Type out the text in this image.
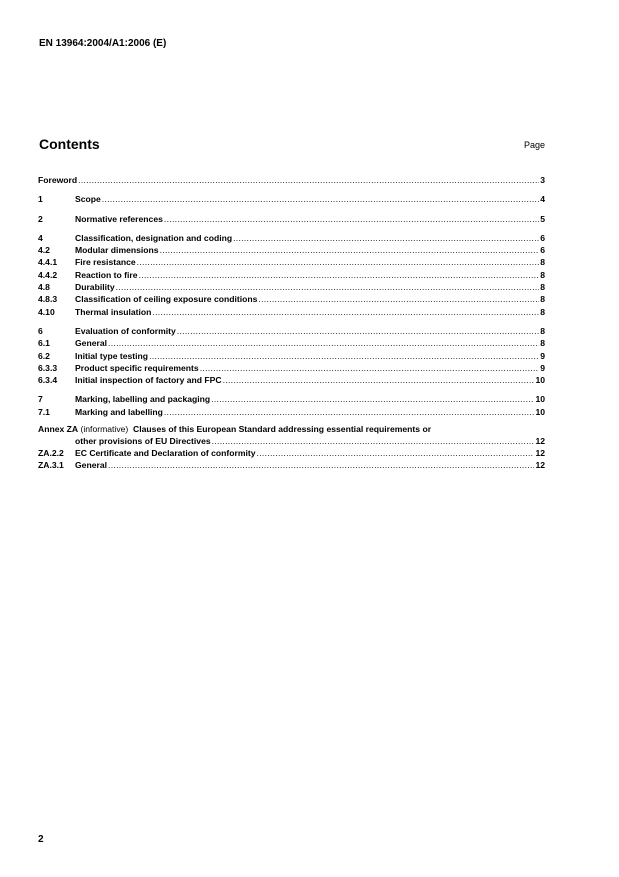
EN 13964:2004/A1:2006 (E)
Contents	Page
Foreword .....	3
1	Scope .....	4
2	Normative references .....	5
4	Classification, designation and coding .....	6
4.2	Modular dimensions .....	6
4.4.1	Fire resistance .....	8
4.4.2	Reaction to fire .....	8
4.8	Durability .....	8
4.8.3	Classification of ceiling exposure conditions .....	8
4.10	Thermal insulation .....	8
6	Evaluation of conformity .....	8
6.1	General .....	8
6.2	Initial type testing .....	9
6.3.3	Product specific requirements .....	9
6.3.4	Initial inspection of factory and FPC .....	10
7	Marking, labelling and packaging .....	10
7.1	Marking and labelling .....	10
Annex ZA
(informative)
Clauses of this European Standard addressing essential requirements or
other provisions of EU Directives .....	12
ZA.2.2	EC Certificate and Declaration of conformity .....	12
ZA.3.1	General .....	12
2
